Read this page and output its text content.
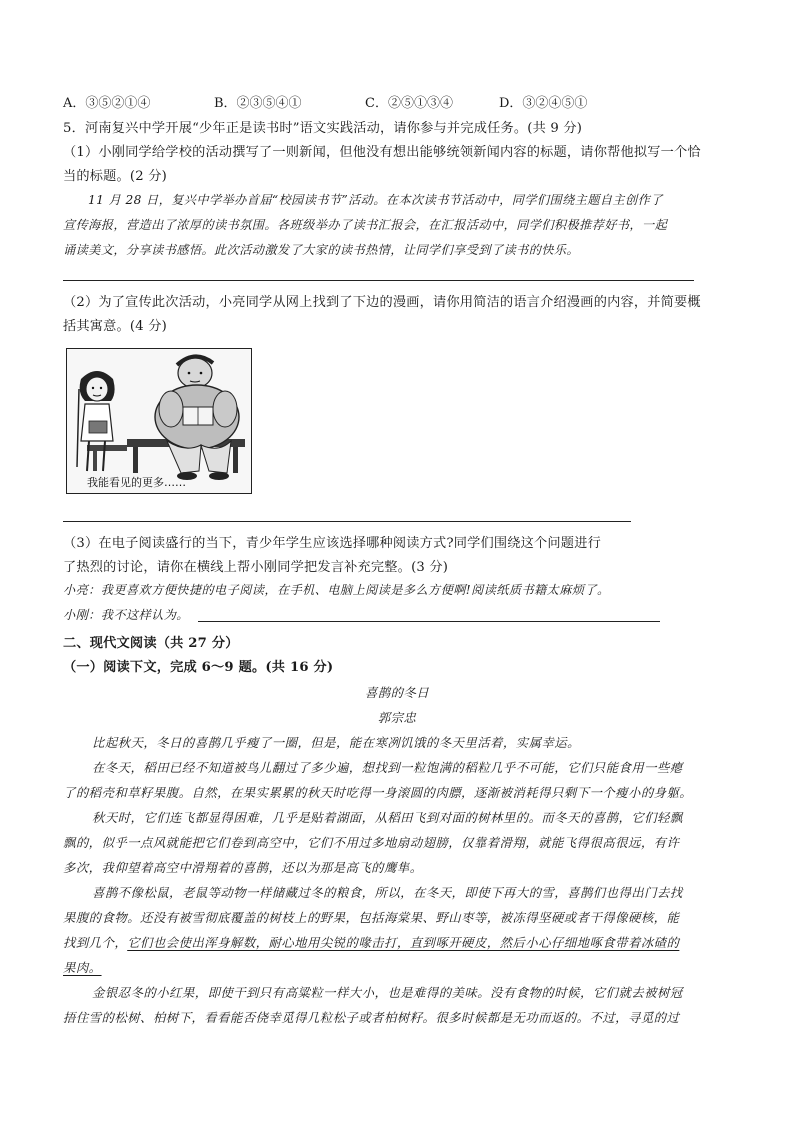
A．③⑤②①④	B．②③⑤④①	C．②⑤①③④	D．③②④⑤①
5．河南复兴中学开展“少年正是读书时”语文实践活动，请你参与并完成任务。(共 9 分)
（1）小刚同学给学校的活动撰写了一则新闻，但他没有想出能够统领新闻内容的标题，请你帮他拟写一个恰
当的标题。(2 分)
11 月 28 日，复兴中学举办首届“校园读书节”活动。在本次读书节活动中，同学们围绕主题自主创作了
宣传海报，营造出了浓厚的读书氛围。各班级举办了读书汇报会，在汇报活动中，同学们积极推荐好书，一起
诵读美文，分享读书感悟。此次活动激发了大家的读书热情，让同学们享受到了读书的快乐。
（2）为了宣传此次活动，小亮同学从网上找到了下边的漫画，请你用简洁的语言介绍漫画的内容，并简要概
括其寓意。(4 分)
我能看见的更多……
（3）在电子阅读盛行的当下，青少年学生应该选择哪种阅读方式?同学们围绕这个问题进行
了热烈的讨论，请你在横线上帮小刚同学把发言补充完整。(3 分)
小亮：我更喜欢方便快捷的电子阅读，在手机、电脑上阅读是多么方便啊!阅读纸质书籍太麻烦了。
小刚：我不这样认为。
二、现代文阅读（共 27 分）
（一）阅读下文，完成 6～9 题。(共 16 分)
喜鹊的冬日
郭宗忠
比起秋天，冬日的喜鹊几乎瘦了一圈，但是，能在寒冽饥饿的冬天里活着，实属幸运。
在冬天，稻田已经不知道被鸟儿翻过了多少遍，想找到一粒饱满的稻粒几乎不可能，它们只能食用一些瘪
了的稻壳和草籽果腹。自然，在果实累累的秋天时吃得一身滚圆的肉膘，逐渐被消耗得只剩下一个瘦小的身躯。
秋天时，它们连飞都显得困难，几乎是贴着湖面，从稻田飞到对面的树林里的。而冬天的喜鹊，它们轻飘
飘的，似乎一点风就能把它们卷到高空中，它们不用过多地扇动翅膀，仅靠着滑翔，就能飞得很高很远，有许
多次，我仰望着高空中滑翔着的喜鹊，还以为那是高飞的鹰隼。
喜鹊不像松鼠，老鼠等动物一样储藏过冬的粮食，所以，在冬天，即使下再大的雪，喜鹊们也得出门去找
果腹的食物。还没有被雪彻底覆盖的树枝上的野果，包括海棠果、野山枣等，被冻得坚硬或者干得像硬核，能
找到几个，它们也会使出浑身解数，耐心地用尖锐的喙击打，直到啄开硬皮，然后小心仔细地啄食带着冰碴的
果肉。
金银忍冬的小红果，即使干到只有高粱粒一样大小，也是难得的美味。没有食物的时候，它们就去被树冠
捂住雪的松树、柏树下，看看能否侥幸觅得几粒松子或者柏树籽。很多时候都是无功而返的。不过，寻觅的过
